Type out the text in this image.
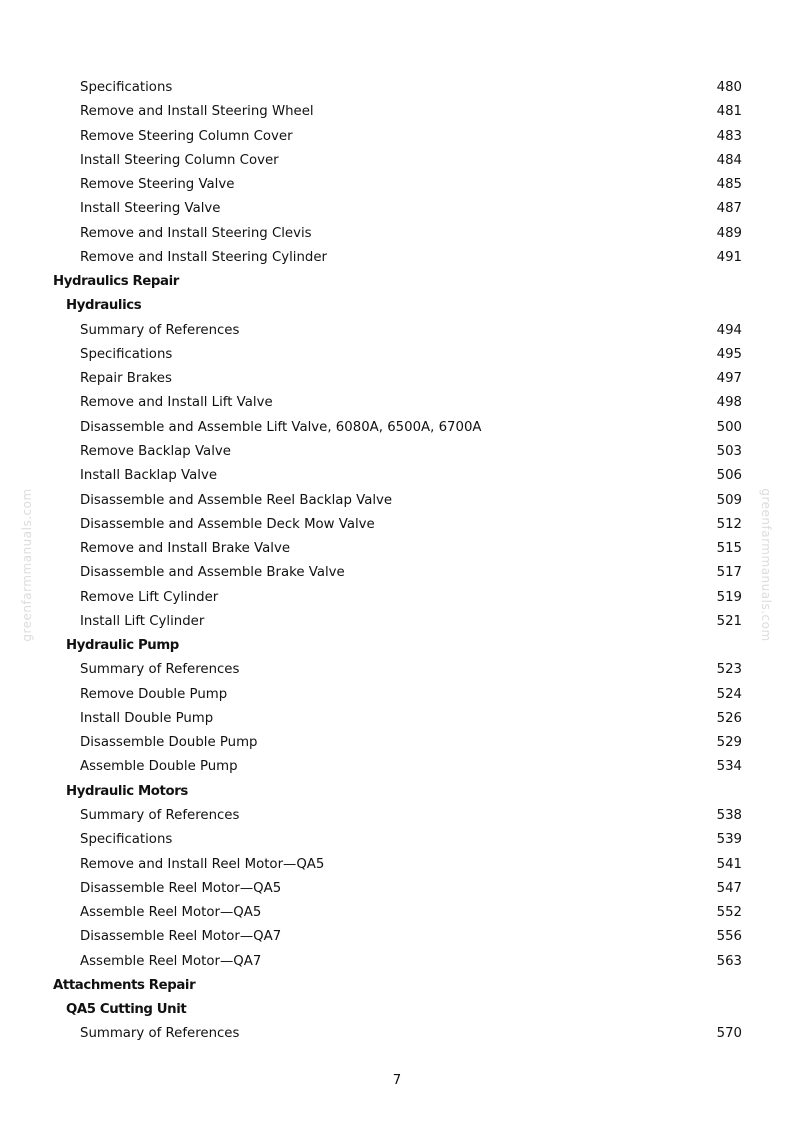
Specifications	480
Remove and Install Steering Wheel	481
Remove Steering Column Cover	483
Install Steering Column Cover	484
Remove Steering Valve	485
Install Steering Valve	487
Remove and Install Steering Clevis	489
Remove and Install Steering Cylinder	491
Hydraulics Repair
Hydraulics
Summary of References	494
Specifications	495
Repair Brakes	497
Remove and Install Lift Valve	498
Disassemble and Assemble Lift Valve, 6080A, 6500A, 6700A	500
Remove Backlap Valve	503
Install Backlap Valve	506
Disassemble and Assemble Reel Backlap Valve	509
Disassemble and Assemble Deck Mow Valve	512
Remove and Install Brake Valve	515
Disassemble and Assemble Brake Valve	517
Remove Lift Cylinder	519
Install Lift Cylinder	521
Hydraulic Pump
Summary of References	523
Remove Double Pump	524
Install Double Pump	526
Disassemble Double Pump	529
Assemble Double Pump	534
Hydraulic Motors
Summary of References	538
Specifications	539
Remove and Install Reel Motor—QA5	541
Disassemble Reel Motor—QA5	547
Assemble Reel Motor—QA5	552
Disassemble Reel Motor—QA7	556
Assemble Reel Motor—QA7	563
Attachments Repair
QA5 Cutting Unit
Summary of References	570
7
greenfarmmanuals.com	greenfarmmanuals.com
